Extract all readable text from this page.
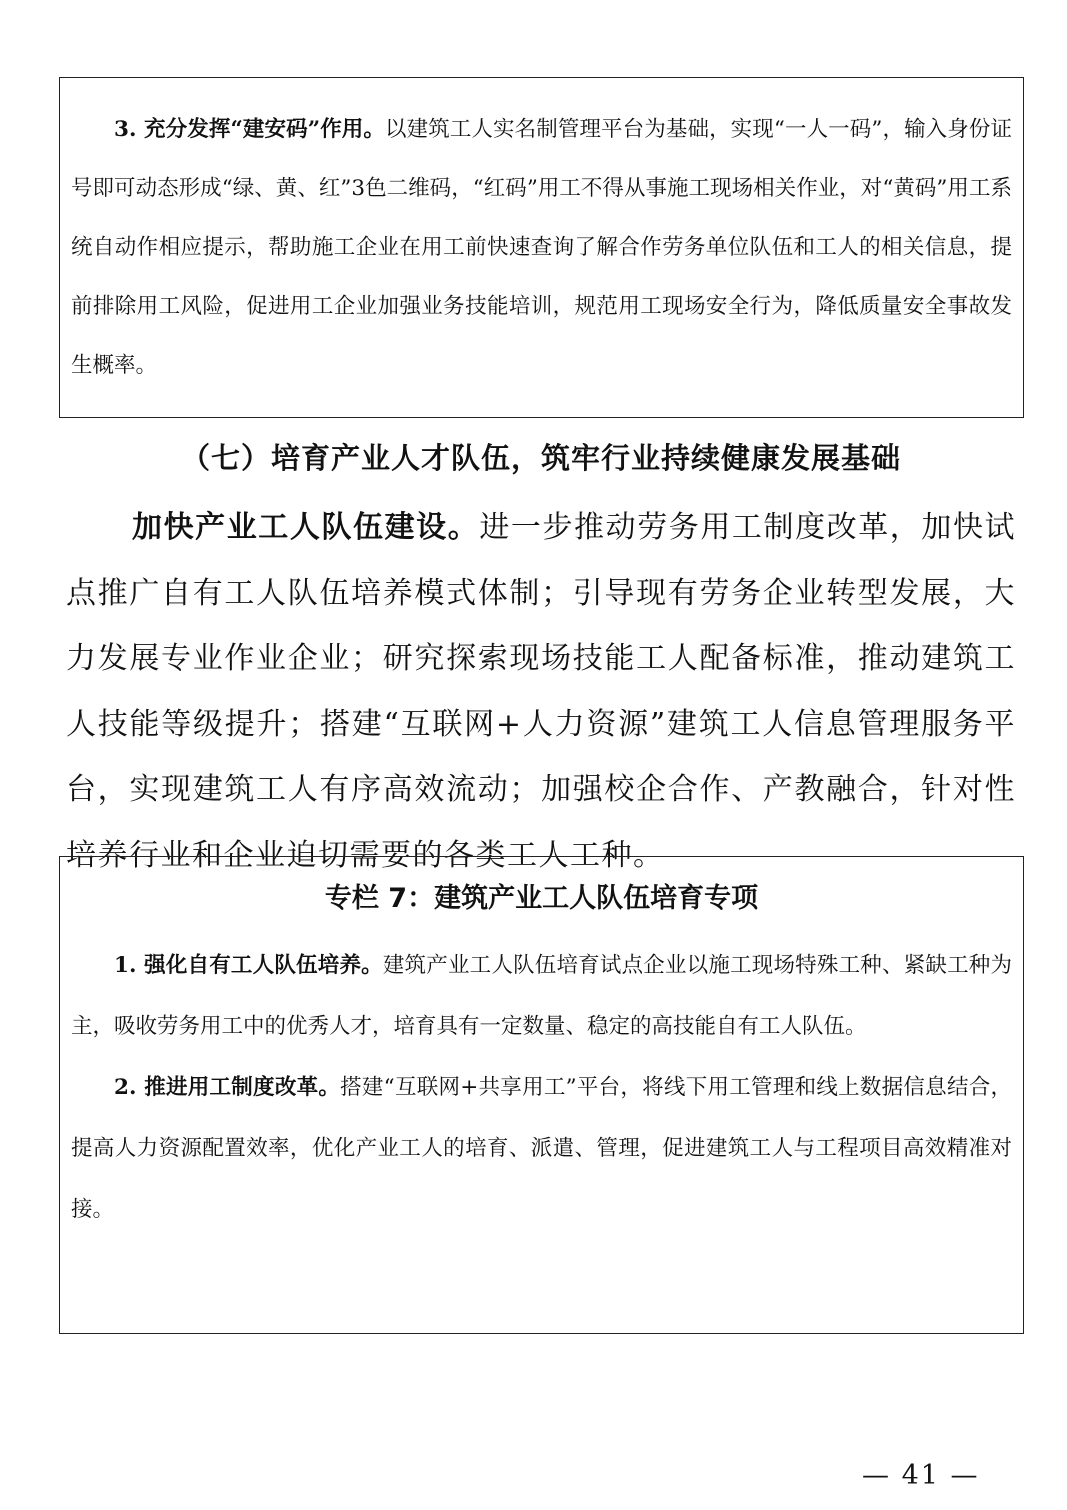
3. 充分发挥“建安码”作用。以建筑工人实名制管理平台为基础，实现“一人一码”，输入身份证号即可动态形成“绿、黄、红”3色二维码，“红码”用工不得从事施工现场相关作业，对“黄码”用工系统自动作相应提示，帮助施工企业在用工前快速查询了解合作劳务单位队伍和工人的相关信息，提前排除用工风险，促进用工企业加强业务技能培训，规范用工现场安全行为，降低质量安全事故发生概率。

（七）培育产业人才队伍，筑牢行业持续健康发展基础

加快产业工人队伍建设。进一步推动劳务用工制度改革，加快试点推广自有工人队伍培养模式体制；引导现有劳务企业转型发展，大力发展专业作业企业；研究探索现场技能工人配备标准，推动建筑工人技能等级提升；搭建“互联网+人力资源”建筑工人信息管理服务平台，实现建筑工人有序高效流动；加强校企合作、产教融合，针对性培养行业和企业迫切需要的各类工人工种。

专栏 7：建筑产业工人队伍培育专项

1. 强化自有工人队伍培养。建筑产业工人队伍培育试点企业以施工现场特殊工种、紧缺工种为主，吸收劳务用工中的优秀人才，培育具有一定数量、稳定的高技能自有工人队伍。

2. 推进用工制度改革。搭建“互联网+共享用工”平台，将线下用工管理和线上数据信息结合，提高人力资源配置效率，优化产业工人的培育、派遣、管理，促进建筑工人与工程项目高效精准对接。

— 41 —
